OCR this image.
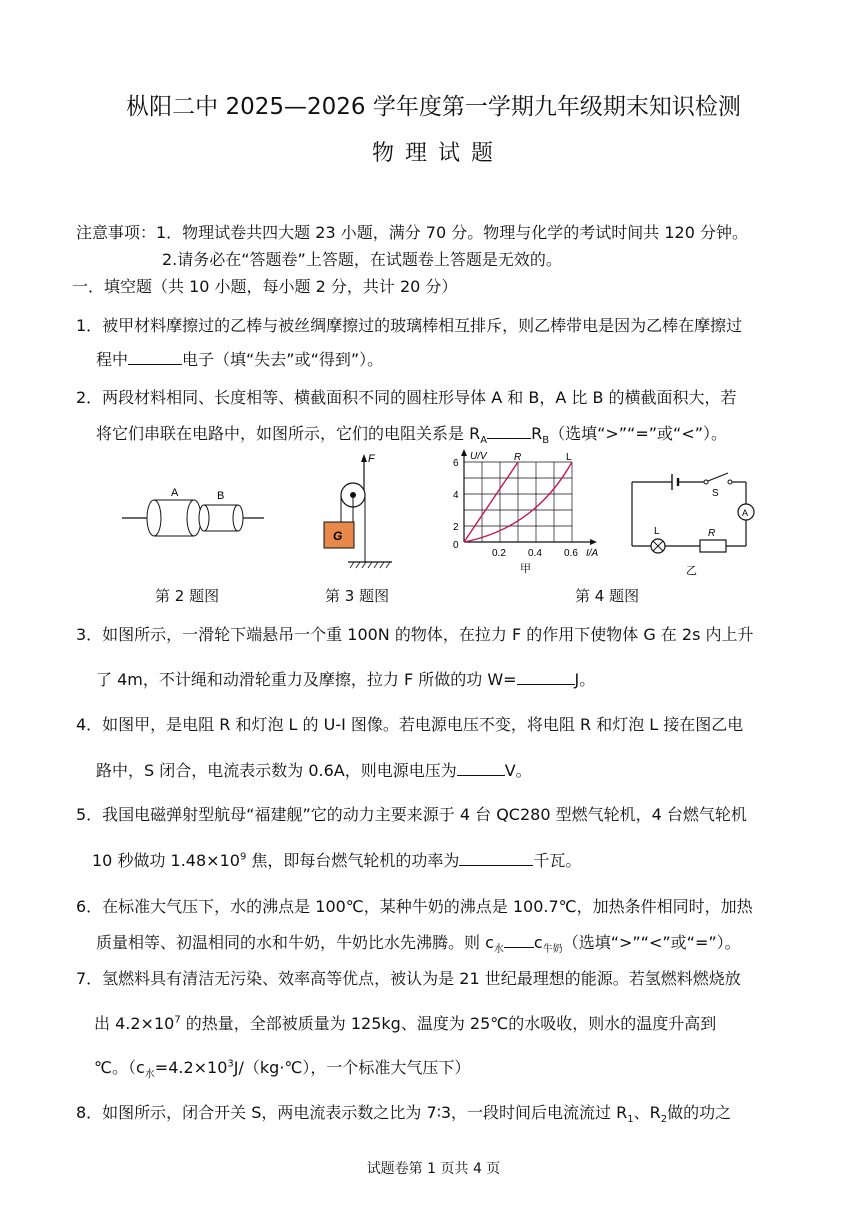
枞阳二中 2025—2026 学年度第一学期九年级期末知识检测
物 理 试 题
注意事项：1．物理试卷共四大题 23 小题，满分 70 分。物理与化学的考试时间共 120 分钟。
2.请务必在“答题卷”上答题，在试题卷上答题是无效的。
一．填空题（共 10 小题，每小题 2 分，共计 20 分）
1．被甲材料摩擦过的乙棒与被丝绸摩擦过的玻璃棒相互排斥，则乙棒带电是因为乙棒在摩擦过
程中	电子（填“失去”或“得到”）。
2．两段材料相同、长度相等、横截面积不同的圆柱形导体 A 和 B，A 比 B 的横截面积大，若
将它们串联在电路中，如图所示，它们的电阻关系是 $R_A$	$R_B$（选填“>”“=”或“<”）。
A	B
第 2 题图
F
G
第 3 题图
U/V	R	L
6
4
2
0
0.2 0.4 0.6 I/A
甲
S
A
R
L
乙
第 4 题图
3．如图所示，一滑轮下端悬吊一个重 100N 的物体，在拉力 F 的作用下使物体 G 在 2s 内上升
了 4m，不计绳和动滑轮重力及摩擦，拉力 F 所做的功 W=	J。
4．如图甲，是电阻 R 和灯泡 L 的 U-I 图像。若电源电压不变，将电阻 R 和灯泡 L 接在图乙电
路中，S 闭合，电流表示数为 0.6A，则电源电压为	V。
5．我国电磁弹射型航母“福建舰”它的动力主要来源于 4 台 QC280 型燃气轮机，4 台燃气轮机
10 秒做功 $1.48\times 10^9$ 焦，即每台燃气轮机的功率为	千瓦。
6．在标准大气压下，水的沸点是 100℃，某种牛奶的沸点是 100.7℃，加热条件相同时，加热
质量相等、初温相同的水和牛奶，牛奶比水先沸腾。则 $c_水$ $c_{牛奶}$（选填“>”“<”或“=”）。
7．氢燃料具有清洁无污染、效率高等优点，被认为是 21 世纪最理想的能源。若氢燃料燃烧放
出 $4.2\times 10^7$ 的热量，全部被质量为 125kg、温度为 25℃的水吸收，则水的温度升高到
℃。（$c_水=4.2\times 10^3J/(kg\cdot℃)$，一个标准大气压下）
8．如图所示，闭合开关 S，两电流表示数之比为 7∶3，一段时间后电流流过 $R_1$、$R_2$做的功之
试题卷第 1 页共 4 页
